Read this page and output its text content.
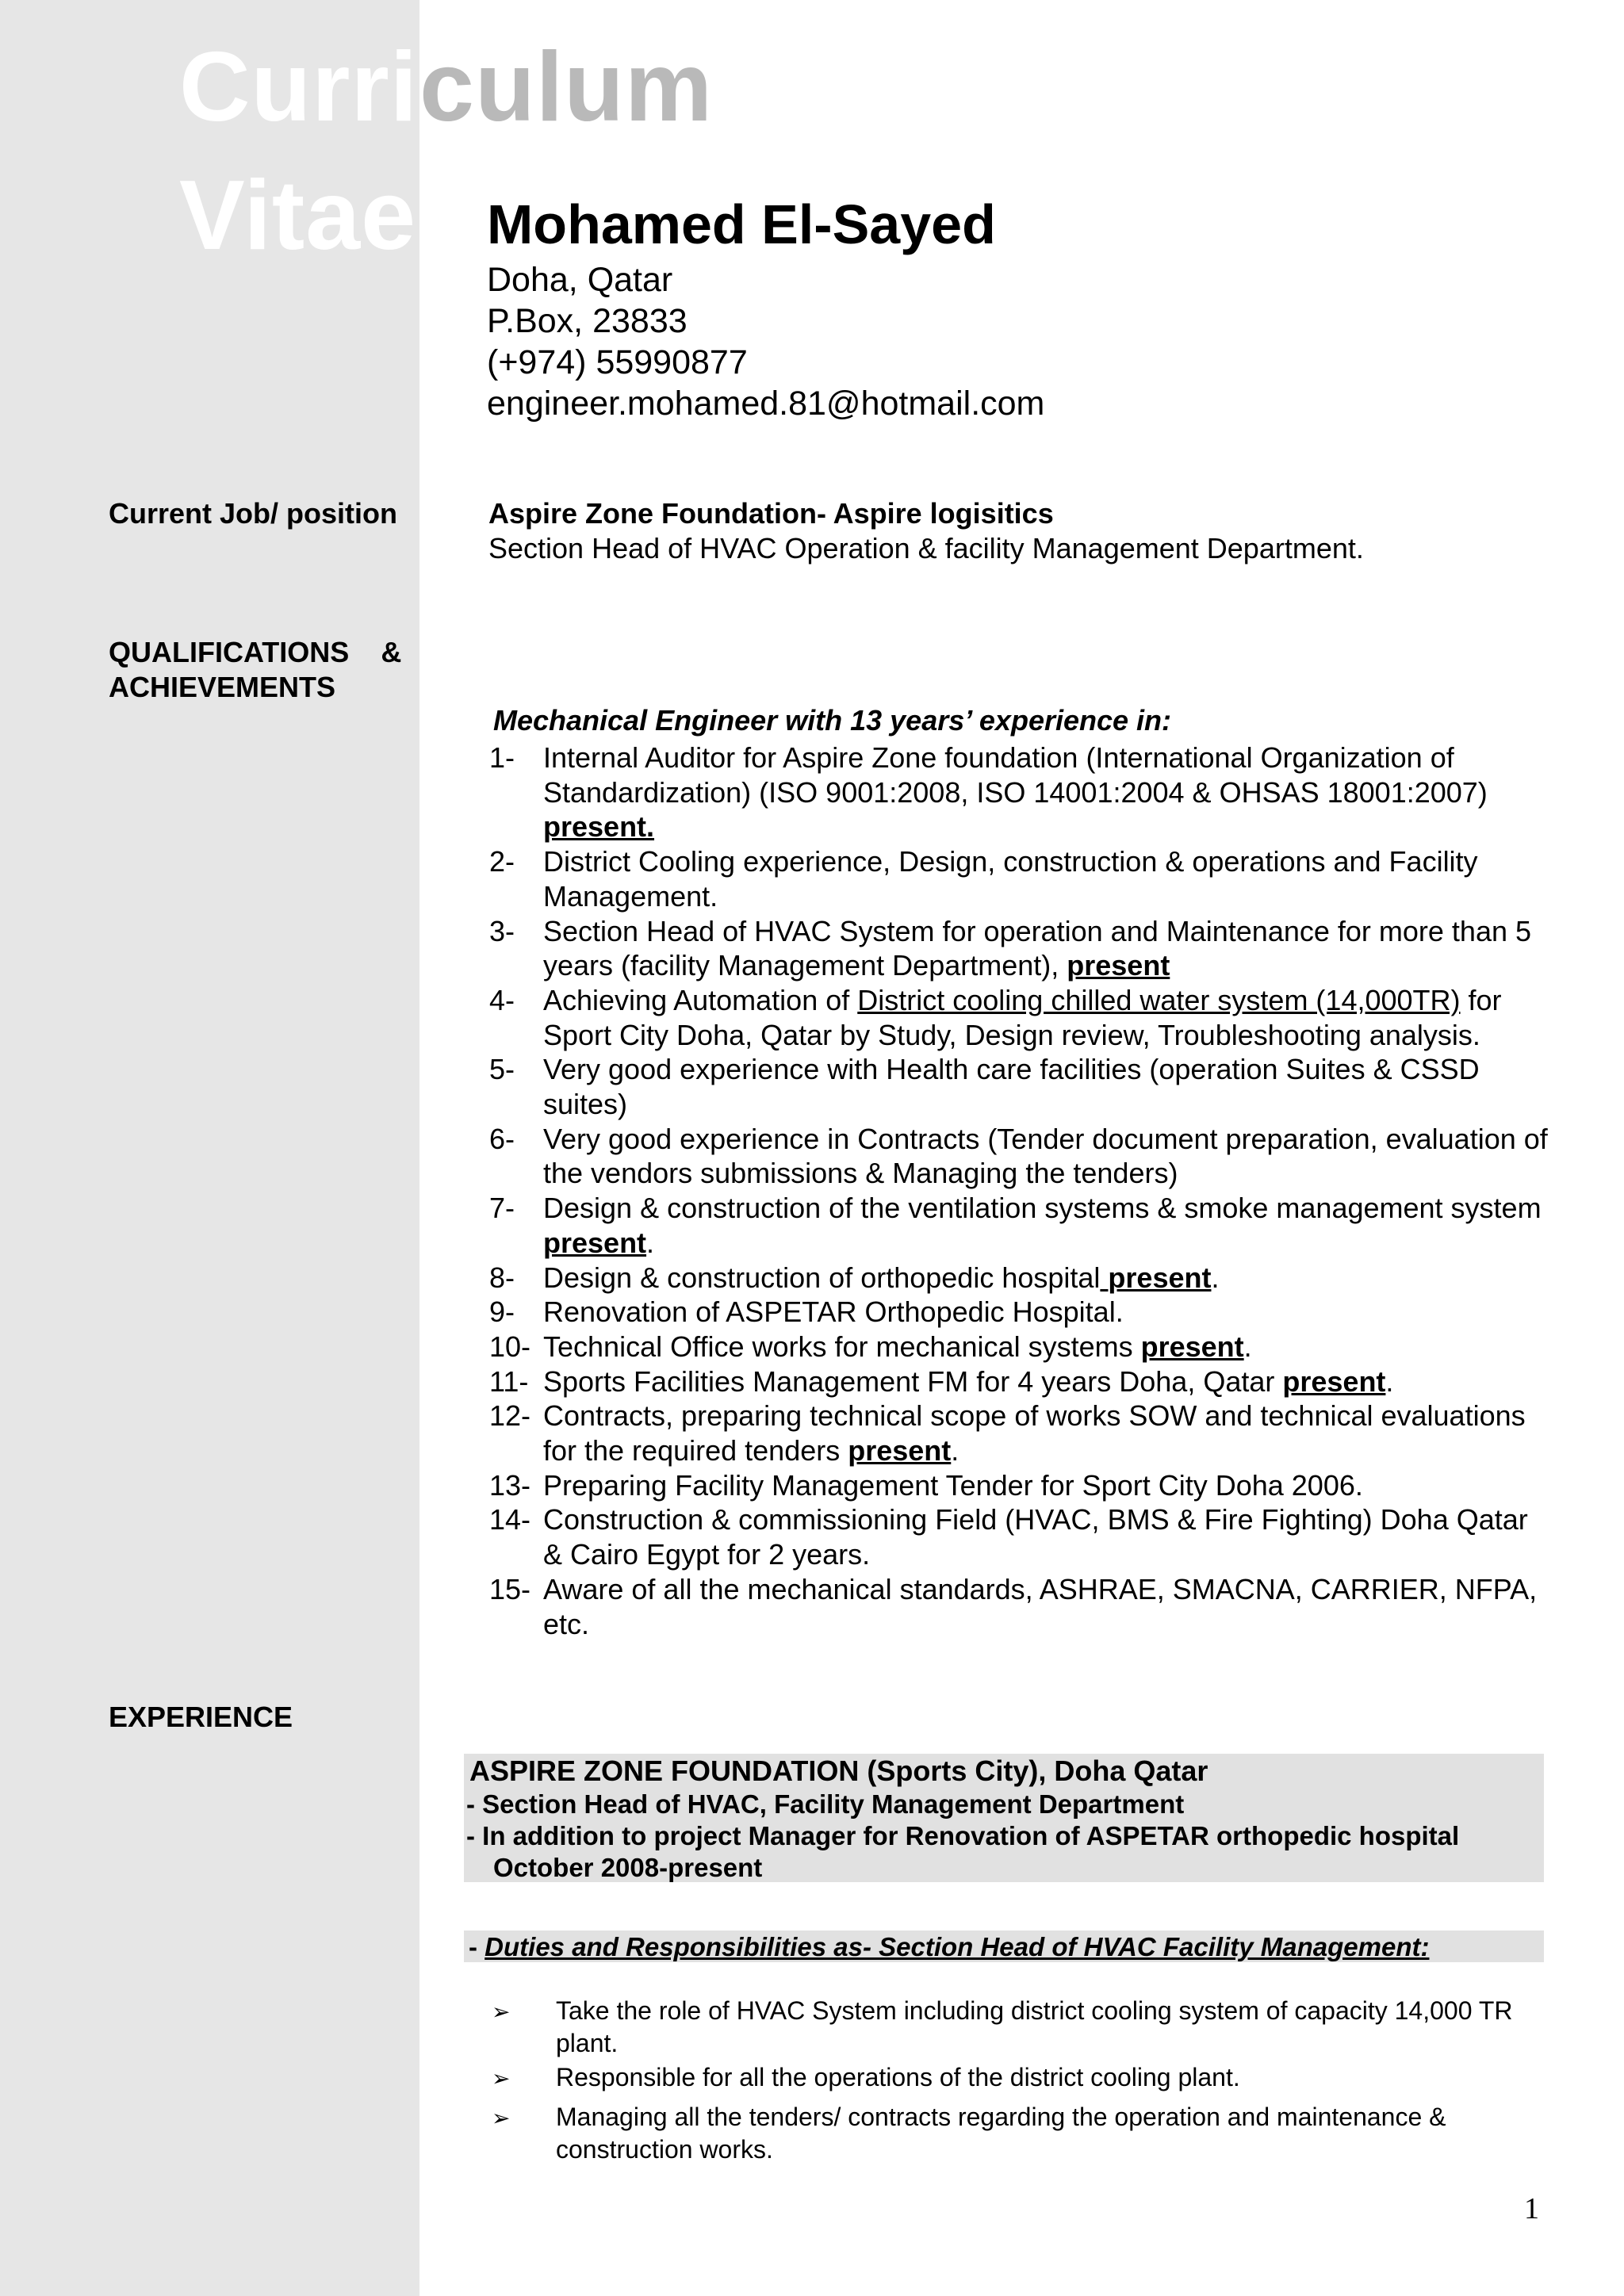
Curri culum
Vitae Mohamed El-Sayed
Doha, Qatar
P.Box, 23833
(+974) 55990877
engineer.mohamed.81@hotmail.com
Current Job/ position	Aspire Zone Foundation- Aspire logisitics
Section Head of HVAC Operation & facility Management Department.
QUALIFICATIONS    &
ACHIEVEMENTS
Mechanical Engineer with 13 years’ experience in:
1- Internal Auditor for Aspire Zone foundation (International Organization of Standardization) (ISO 9001:2008, ISO 14001:2004 & OHSAS 18001:2007) present.
2- District Cooling experience, Design, construction & operations and Facility Management.
3- Section Head of HVAC System for operation and Maintenance for more than 5 years (facility Management Department), present
4- Achieving Automation of District cooling chilled water system (14,000TR) for Sport City Doha, Qatar by Study, Design review, Troubleshooting analysis.
5- Very good experience with Health care facilities (operation Suites & CSSD suites)
6- Very good experience in Contracts (Tender document preparation, evaluation of the vendors submissions & Managing the tenders)
7- Design & construction of the ventilation systems & smoke management system present.
8- Design & construction of orthopedic hospital present.
9- Renovation of ASPETAR Orthopedic Hospital.
10- Technical Office works for mechanical systems present.
11- Sports Facilities Management FM for 4 years Doha, Qatar present.
12- Contracts, preparing technical scope of works SOW and technical evaluations for the required tenders present.
13- Preparing Facility Management Tender for Sport City Doha 2006.
14- Construction & commissioning Field (HVAC, BMS & Fire Fighting) Doha Qatar & Cairo Egypt for 2 years.
15- Aware of all the mechanical standards, ASHRAE, SMACNA, CARRIER, NFPA, etc.
EXPERIENCE
ASPIRE ZONE FOUNDATION (Sports City), Doha Qatar
- Section Head of HVAC, Facility Management Department
- In addition to project Manager for Renovation of ASPETAR orthopedic hospital
October 2008-present
- Duties and Responsibilities as- Section Head of HVAC Facility Management:
➢ Take the role of HVAC System including district cooling system of capacity 14,000 TR plant.
➢ Responsible for all the operations of the district cooling plant.
➢ Managing all the tenders/ contracts regarding the operation and maintenance & construction works.
1
